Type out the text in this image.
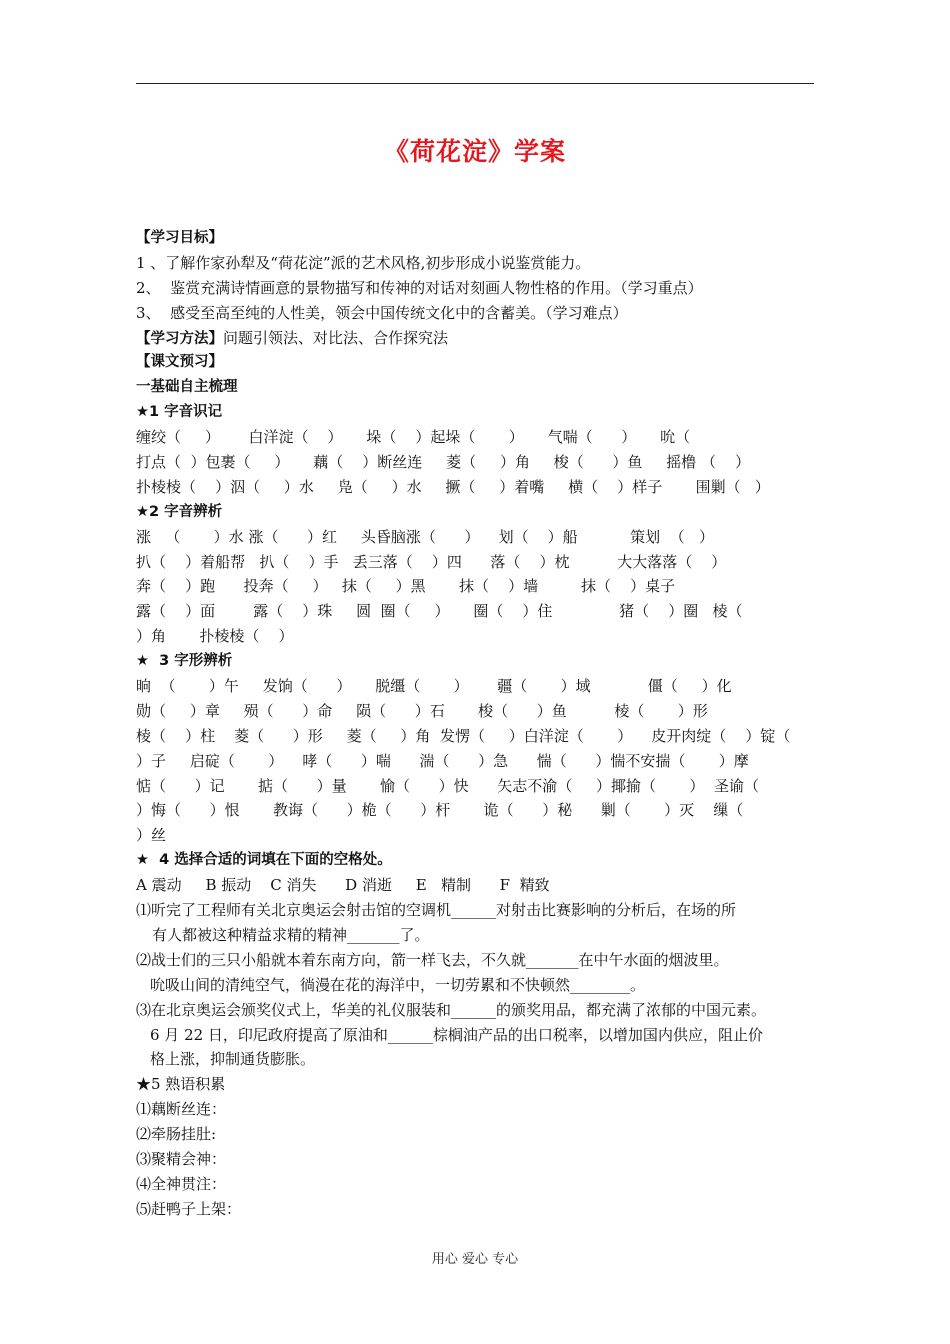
《荷花淀》学案
【学习目标】
1 、了解作家孙犁及“荷花淀”派的艺术风格,初步形成小说鉴赏能力。
2、  鉴赏充满诗情画意的景物描写和传神的对话对刻画人物性格的作用。（学习重点）
3、  感受至高至纯的人性美，领会中国传统文化中的含蓄美。（学习难点）
【学习方法】问题引领法、对比法、合作探究法
【课文预习】
一基础自主梳理
★1 字音识记
缠绞（     ）      白洋淀（    ）     垛（    ）起垛（       ）     气喘（      ）     吮（
打点（  ）包裹（     ）     藕（    ）断丝连     菱（     ）角     梭（      ）鱼     摇橹 （    ）
扑棱棱（    ）泅（     ）水     凫（     ）水     撅（     ）着嘴     横（    ）样子       围剿（   ）
★2 字音辨析
涨   （       ）水 涨（      ）红     头昏脑涨（      ）    划（    ）船           策划  （   ）
扒（    ）着船帮   扒（    ）手   丢三落（    ）四      落（    ）枕          大大落落（    ）
奔（    ）跑      投奔（     ）   抹（     ）黑       抹（    ）墙         抹（    ）桌子
露（    ）面        露（    ）珠     圆  圈（     ）     圈（    ）住              猪（    ）圈   棱（
）角       扑棱棱（    ）
★  3 字形辨析
晌  （       ）午     发饷（      ）     脱缰（       ）      疆（       ）域            僵（     ）化
勋（     ）章     殒（      ）命     陨（      ）石       梭（      ）鱼          棱（       ）形
棱（    ）柱    菱（      ）形     菱（     ）角  发愣（     ）白洋淀（       ）    皮开肉绽（    ）锭（
）子     启碇（       ）    哮（      ）喘      湍（      ）急      惴（      ）惴不安揣（       ）摩
惦（      ）记       掂（      ）量       愉（      ）快      矢志不渝（     ）揶揄（       ）  圣谕（
）悔（      ）恨       教诲（      ）桅（      ）杆       诡（      ）秘      剿（       ）灭    缫（
）丝
★  4 选择合适的词填在下面的空格处。
A 震动     B 振动    C 消失      D 消逝     E   精制      F  精致
⑴听完了工程师有关北京奥运会射击馆的空调机______对射击比赛影响的分析后，在场的所
有人都被这种精益求精的精神_______了。
⑵战士们的三只小船就本着东南方向，箭一样飞去，不久就_______在中午水面的烟波里。
吮吸山间的清纯空气，徜漫在花的海洋中，一切劳累和不快顿然________。
⑶在北京奥运会颁奖仪式上，华美的礼仪服装和______的颁奖用品，都充满了浓郁的中国元素。
6 月 22 日，印尼政府提高了原油和______棕榈油产品的出口税率，以增加国内供应，阻止价
格上涨，抑制通货膨胀。
★5 熟语积累
⑴藕断丝连：
⑵牵肠挂肚:
⑶聚精会神：
⑷全神贯注：
⑸赶鸭子上架：
用心 爱心 专心
